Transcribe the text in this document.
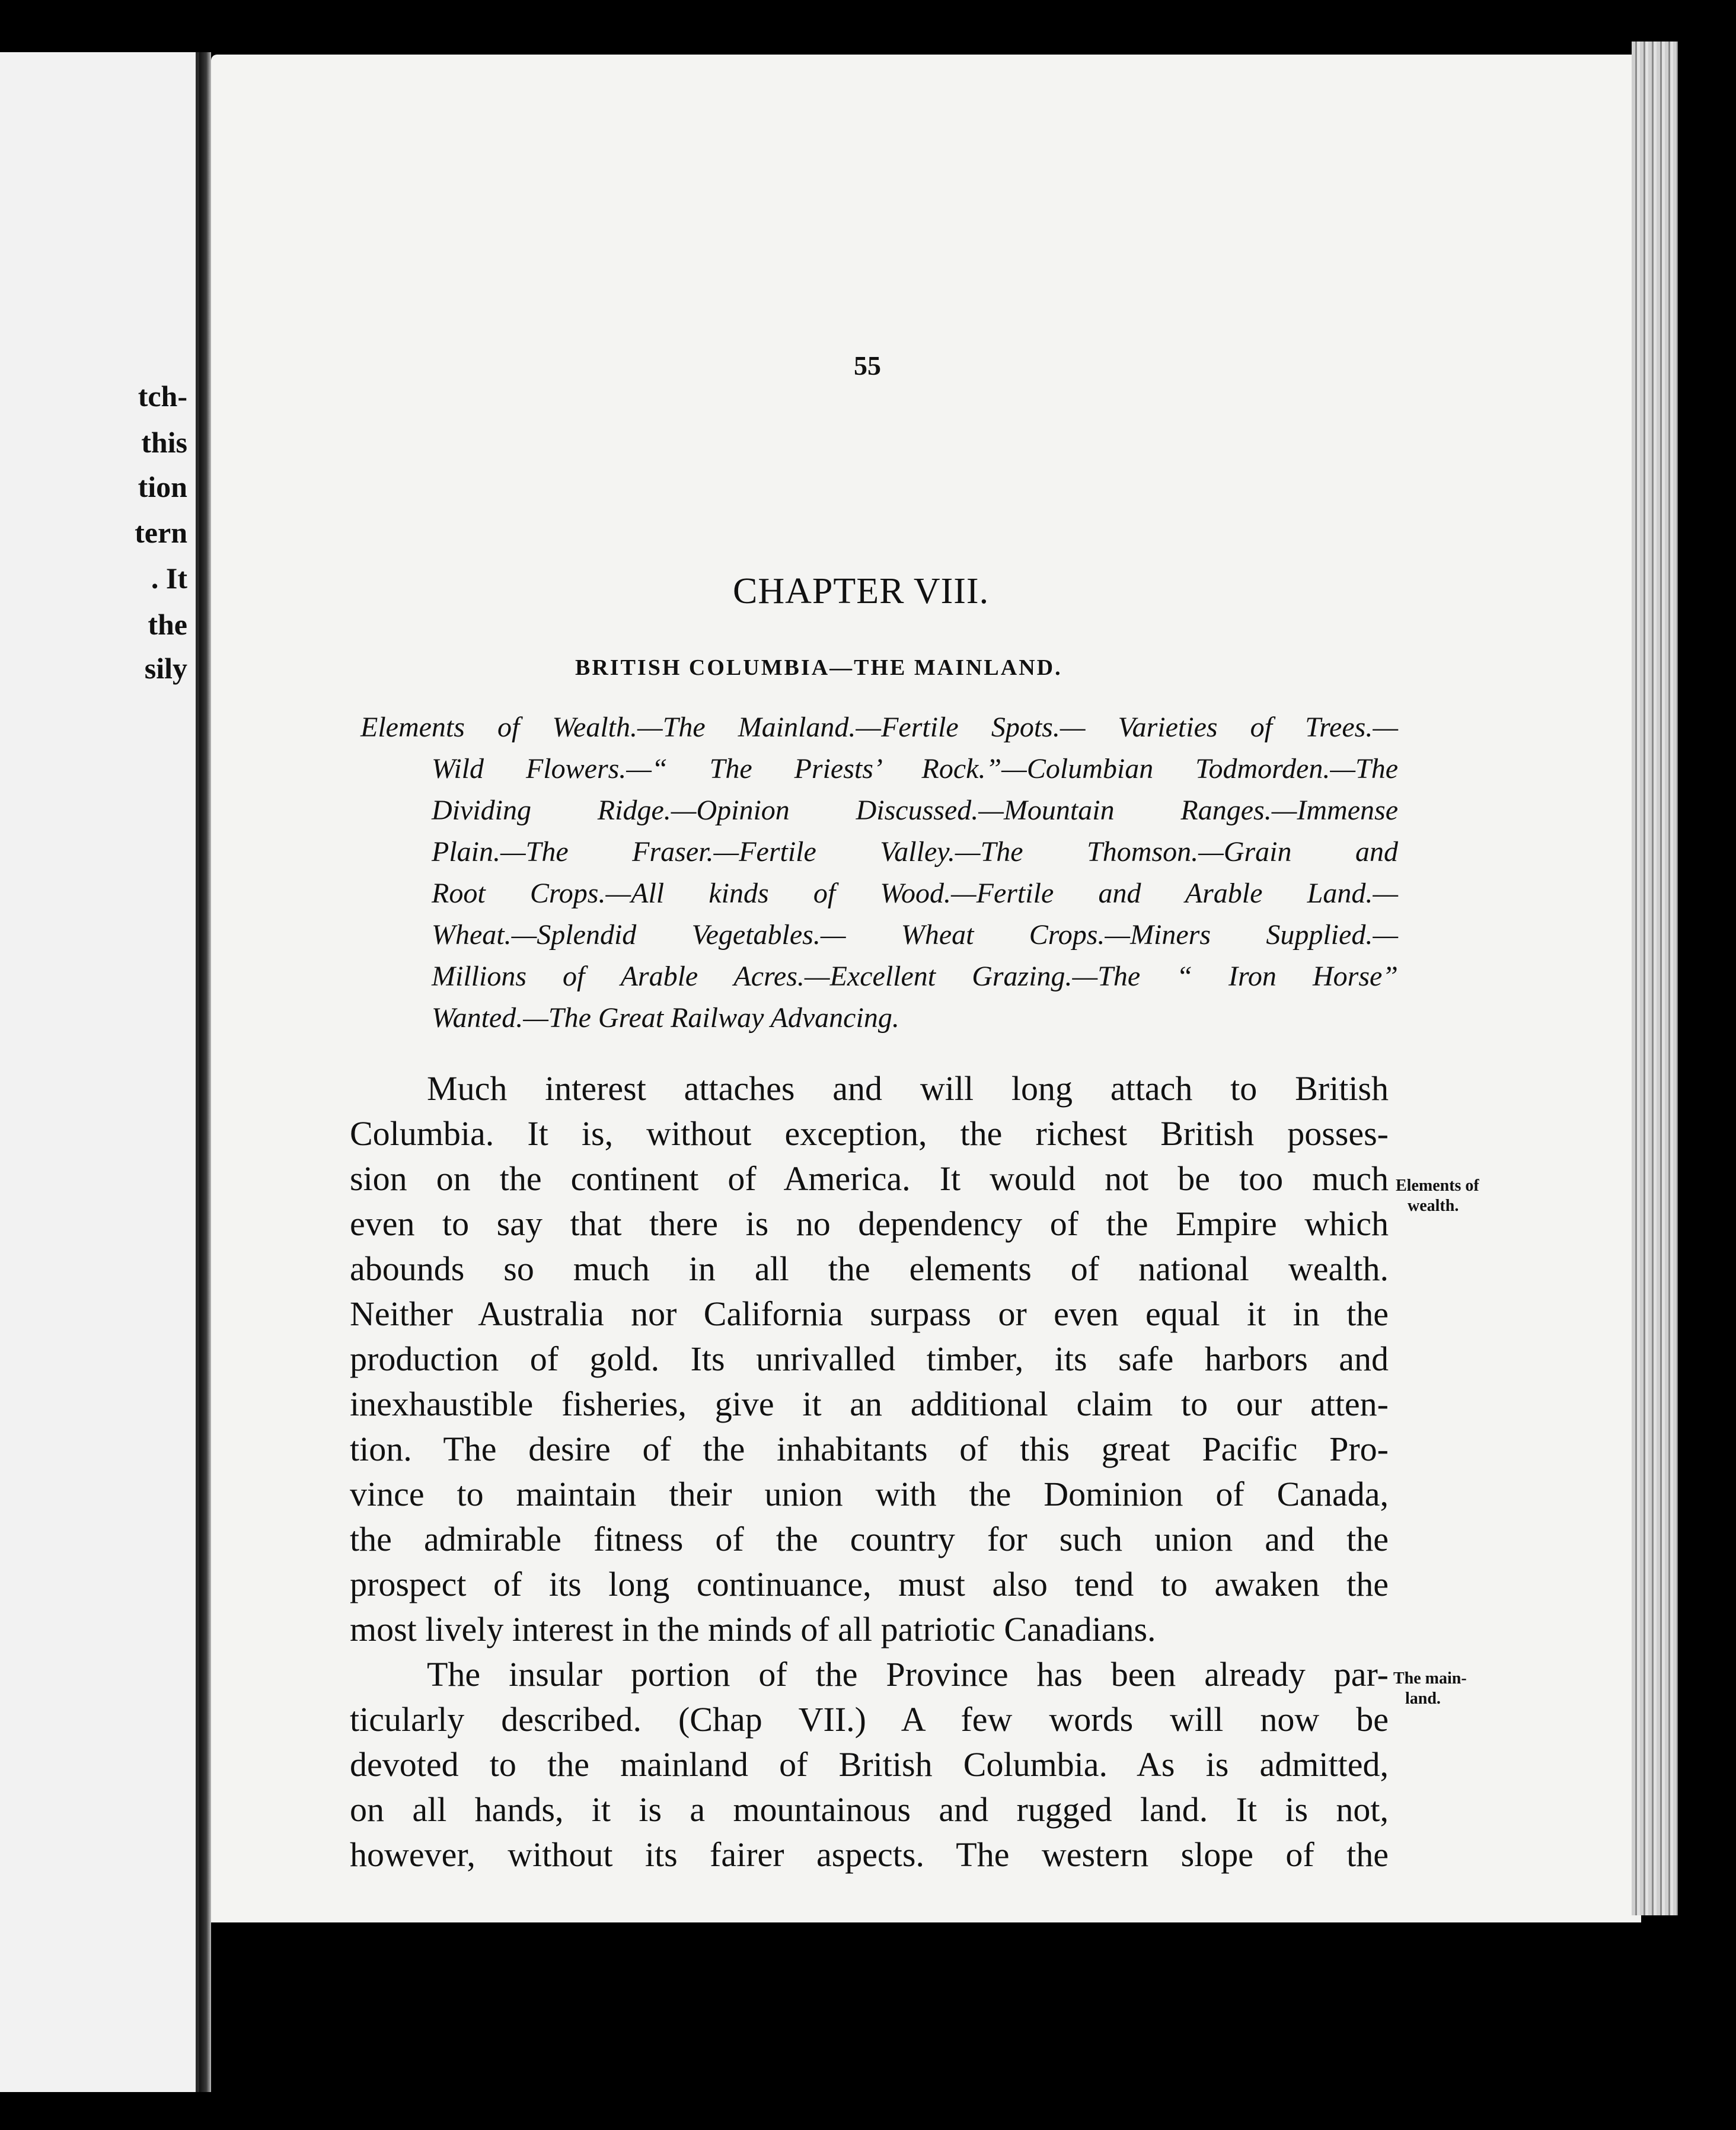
tch-
this
tion
tern
. It
the
sily
55
CHAPTER VIII.
BRITISH COLUMBIA—THE MAINLAND.
Elements of Wealth.—The Mainland.—Fertile Spots.— Varieties of Trees.—
Wild Flowers.—“ The Priests’ Rock.”—Columbian Todmorden.—The
Dividing Ridge.—Opinion Discussed.—Mountain Ranges.—Immense
Plain.—The Fraser.—Fertile Valley.—The Thomson.—Grain and
Root Crops.—All kinds of Wood.—Fertile and Arable Land.—
Wheat.—Splendid Vegetables.— Wheat Crops.—Miners Supplied.—
Millions of Arable Acres.—Excellent Grazing.—The “ Iron Horse”
Wanted.—The Great Railway Advancing.
Much interest attaches and will long attach to British
Columbia. It is, without exception, the richest British posses-
sion on the continent of America. It would not be too much
even to say that there is no dependency of the Empire which
abounds so much in all the elements of national wealth.
Neither Australia nor California surpass or even equal it in the
production of gold. Its unrivalled timber, its safe harbors and
inexhaustible fisheries, give it an additional claim to our atten-
tion. The desire of the inhabitants of this great Pacific Pro-
vince to maintain their union with the Dominion of Canada,
the admirable fitness of the country for such union and the
prospect of its long continuance, must also tend to awaken the
most lively interest in the minds of all patriotic Canadians.
The insular portion of the Province has been already par-
ticularly described. (Chap VII.) A few words will now be
devoted to the mainland of British Columbia. As is admitted,
on all hands, it is a mountainous and rugged land. It is not,
however, without its fairer aspects. The western slope of the
Elements of
wealth.
The main-
land.
